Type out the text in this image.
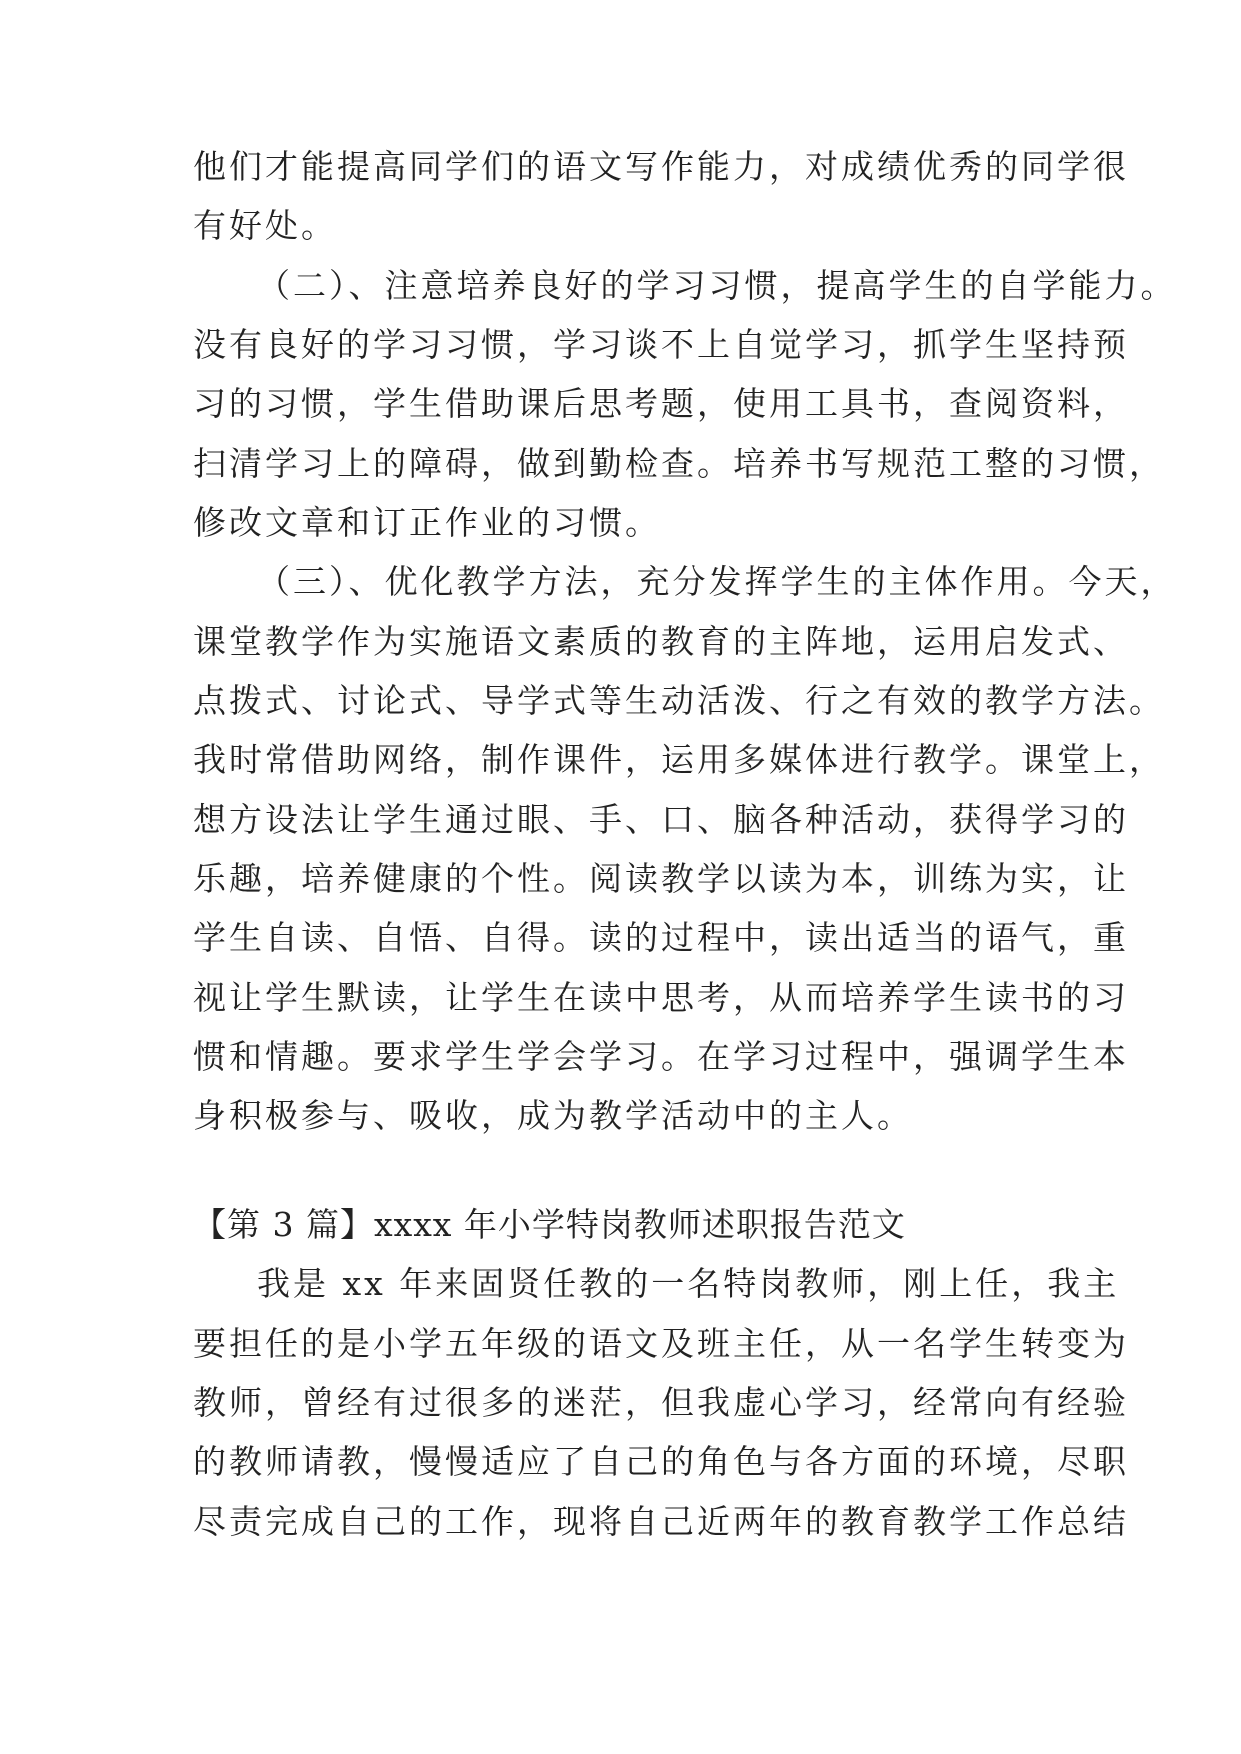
他们才能提高同学们的语文写作能力，对成绩优秀的同学很
有好处。
（二）、注意培养良好的学习习惯，提高学生的自学能力。
没有良好的学习习惯，学习谈不上自觉学习，抓学生坚持预
习的习惯，学生借助课后思考题，使用工具书，查阅资料，
扫清学习上的障碍，做到勤检查。培养书写规范工整的习惯，
修改文章和订正作业的习惯。
（三）、优化教学方法，充分发挥学生的主体作用。今天，
课堂教学作为实施语文素质的教育的主阵地，运用启发式、
点拨式、讨论式、导学式等生动活泼、行之有效的教学方法。
我时常借助网络，制作课件，运用多媒体进行教学。课堂上，
想方设法让学生通过眼、手、口、脑各种活动，获得学习的
乐趣，培养健康的个性。阅读教学以读为本，训练为实，让
学生自读、自悟、自得。读的过程中，读出适当的语气，重
视让学生默读，让学生在读中思考，从而培养学生读书的习
惯和情趣。要求学生学会学习。在学习过程中，强调学生本
身积极参与、吸收，成为教学活动中的主人。
【第 3 篇】xxxx 年小学特岗教师述职报告范文
我是 xx 年来固贤任教的一名特岗教师，刚上任，我主
要担任的是小学五年级的语文及班主任，从一名学生转变为
教师，曾经有过很多的迷茫，但我虚心学习，经常向有经验
的教师请教，慢慢适应了自己的角色与各方面的环境，尽职
尽责完成自己的工作，现将自己近两年的教育教学工作总结
